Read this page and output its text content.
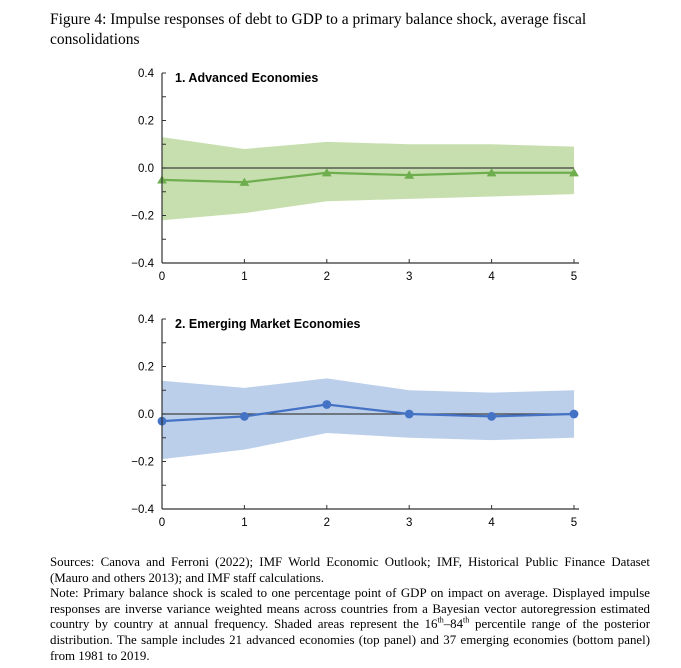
Figure 4: Impulse responses of debt to GDP to a primary balance shock, average fiscal consolidations
0.4
0.2
0.0
−0.2
−0.4
0	1	2	3	4	5
1. Advanced Economies
0.4
0.2
0.0
−0.2
−0.4
0	1	2	3	4	5
2. Emerging Market Economies

Sources: Canova and Ferroni (2022); IMF World Economic Outlook; IMF, Historical Public Finance Dataset (Mauro and others 2013); and IMF staff calculations.

Note: Primary balance shock is scaled to one percentage point of GDP on impact on average. Displayed impulse responses are inverse variance weighted means across countries from a Bayesian vector autoregression estimated country by country at annual frequency. Shaded areas represent the 16th–84th percentile range of the posterior distribution. The sample includes 21 advanced economies (top panel) and 37 emerging economies (bottom panel) from 1981 to 2019.
